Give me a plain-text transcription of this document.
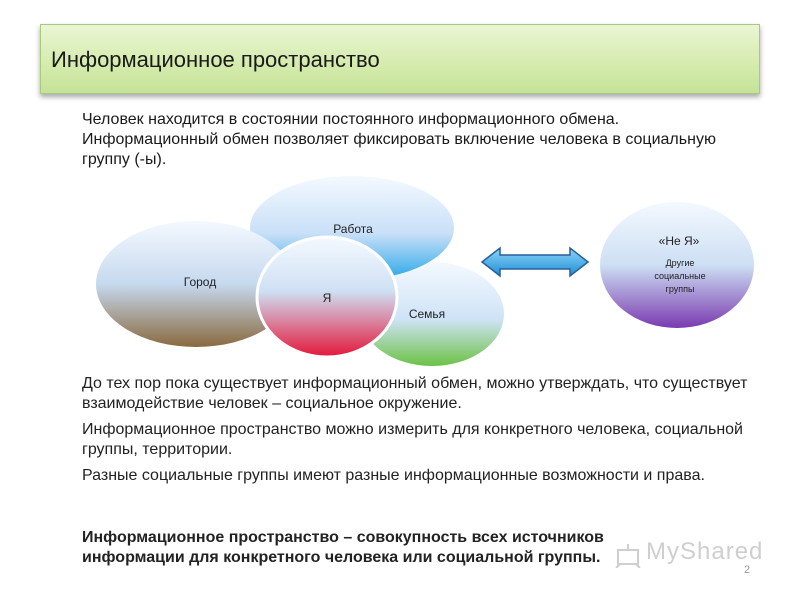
Информационное пространство
Человек находится в состоянии постоянного информационного обмена. Информационный обмен позволяет фиксировать включение человека в социальную группу (-ы).
Город
Работа
Семья
Я
«Не Я»
Другие
социальные
группы

До тех пор пока существует информационный обмен, можно утверждать, что существует взаимодействие человек – социальное окружение.

Информационное пространство можно измерить для конкретного человека, социальной группы, территории.

Разные социальные группы имеют разные информационные возможности и права.

Информационное пространство – совокупность всех источников информации для конкретного человека или социальной группы.	MyShared
2
